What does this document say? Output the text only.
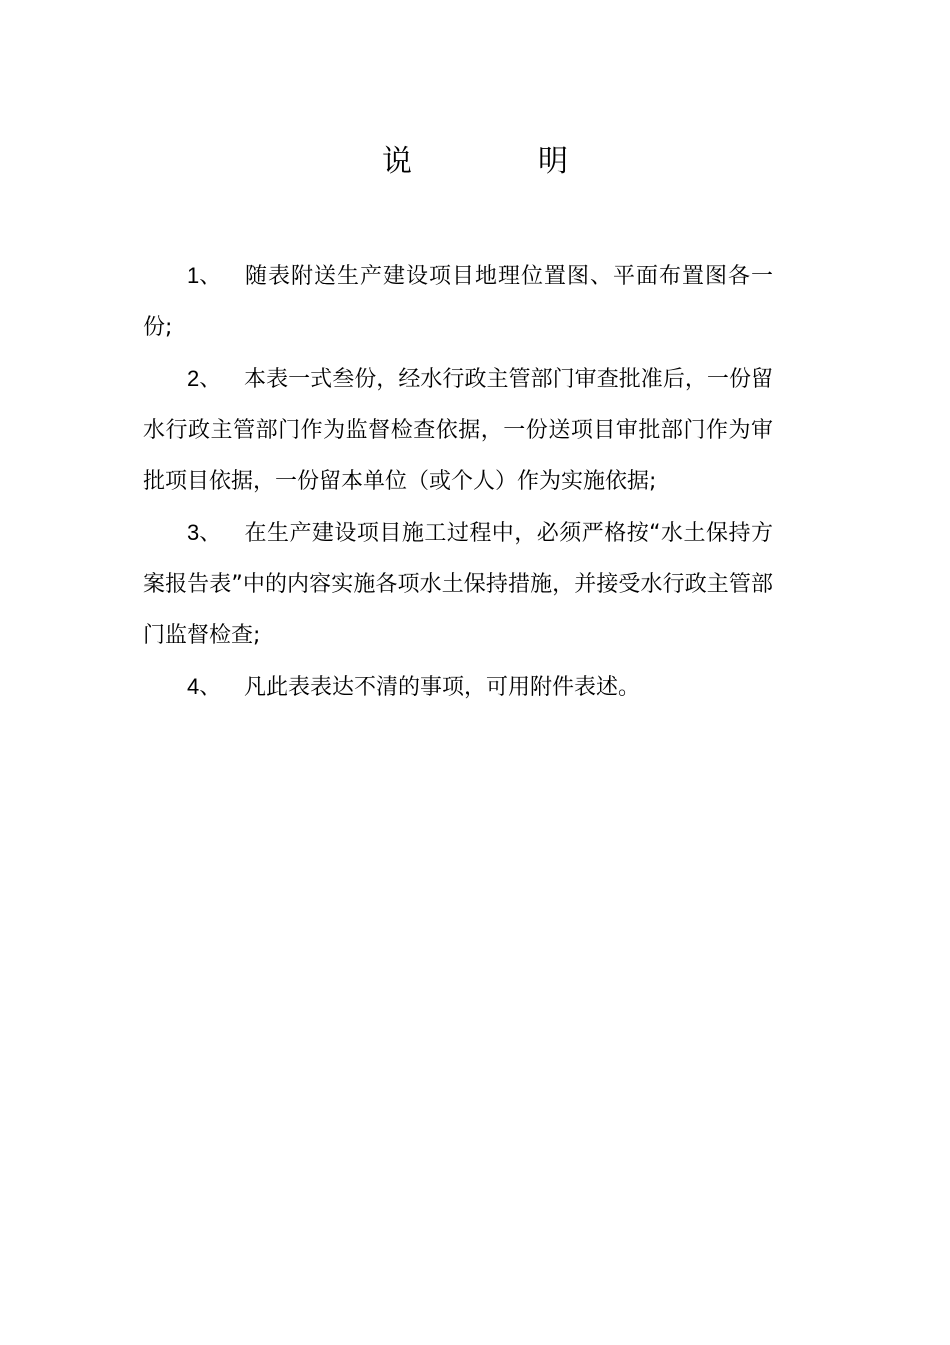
说	明

1、 随表附送生产建设项目地理位置图、平面布置图各一份;

2、 本表一式叁份，经水行政主管部门审查批准后，一份留水行政主管部门作为监督检查依据，一份送项目审批部门作为审批项目依据，一份留本单位（或个人）作为实施依据;

3、 在生产建设项目施工过程中，必须严格按“水土保持方案报告表”中的内容实施各项水土保持措施，并接受水行政主管部门监督检查;

4、 凡此表表达不清的事项，可用附件表述。
